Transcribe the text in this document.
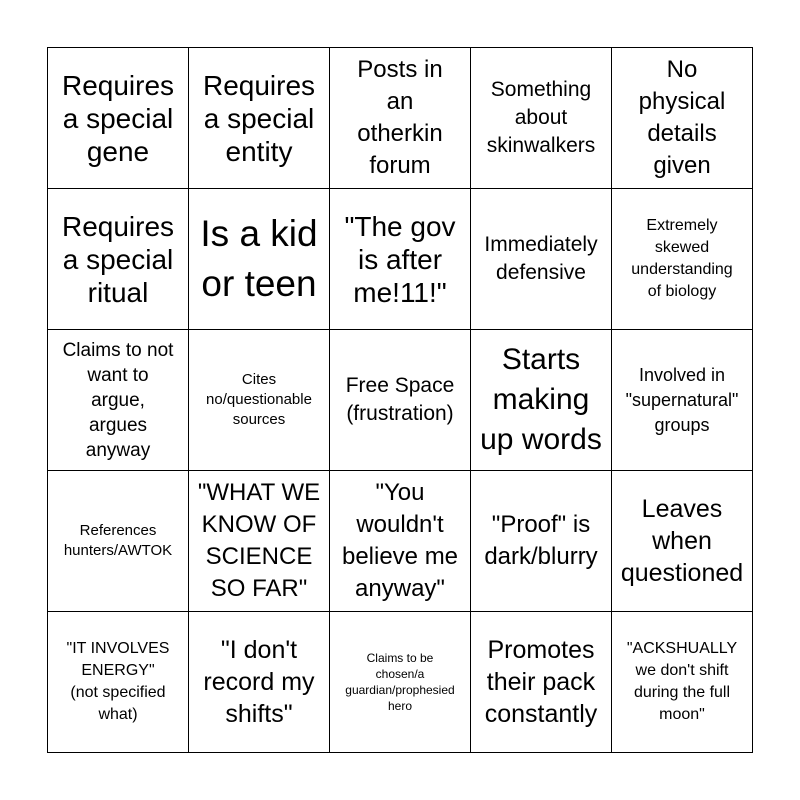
Requires
a special
gene
Requires
a special
entity
Posts in
an
otherkin
forum
Something
about
skinwalkers
No
physical
details
given
Requires
a special
ritual
Is a kid
or teen
"The gov
is after
me!11!"
Immediately
defensive
Extremely
skewed
understanding
of biology
Claims to not
want to
argue,
argues
anyway
Cites
no/questionable
sources
Free Space
(frustration)
Starts
making
up words
Involved in
"supernatural"
groups
References
hunters/AWTOK
"WHAT WE
KNOW OF
SCIENCE
SO FAR"
"You
wouldn't
believe me
anyway"
"Proof" is
dark/blurry
Leaves
when
questioned
"IT INVOLVES
ENERGY"
(not specified
what)
"I don't
record my
shifts"
Claims to be
chosen/a
guardian/prophesied
hero
Promotes
their pack
constantly
"ACKSHUALLY
we don't shift
during the full
moon"
